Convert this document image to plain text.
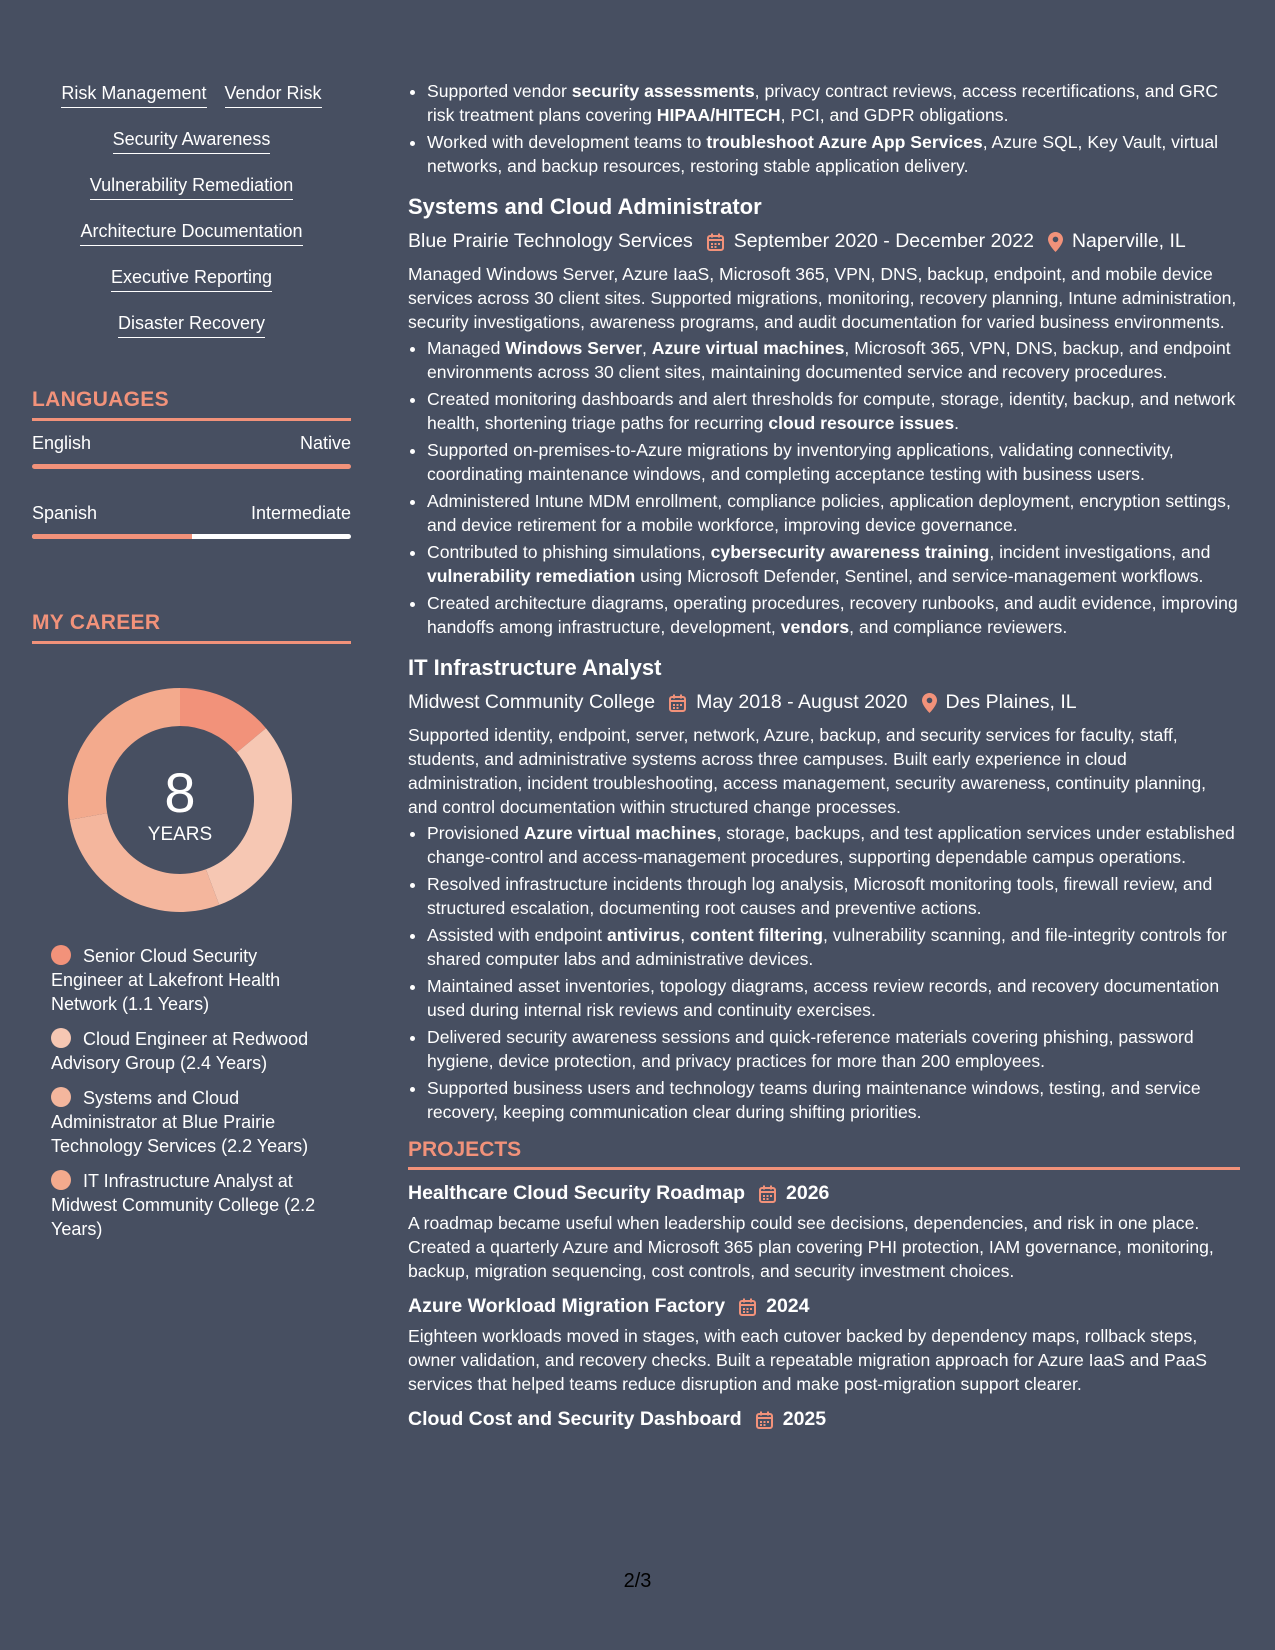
Risk Management Vendor Risk
Security Awareness
Vulnerability Remediation
Architecture Documentation
Executive Reporting
Disaster Recovery
LANGUAGES
English	Native
Spanish	Intermediate
MY CAREER
8
YEARS
Senior Cloud Security Engineer at Lakefront Health Network (1.1 Years)
Cloud Engineer at Redwood Advisory Group (2.4 Years)
Systems and Cloud Administrator at Blue Prairie Technology Services (2.2 Years)
IT Infrastructure Analyst at Midwest Community College (2.2 Years)
• Supported vendor security assessments, privacy contract reviews, access recertifications, and GRC risk treatment plans covering HIPAA/HITECH, PCI, and GDPR obligations.
• Worked with development teams to troubleshoot Azure App Services, Azure SQL, Key Vault, virtual networks, and backup resources, restoring stable application delivery.
Systems and Cloud Administrator
Blue Prairie Technology Services	September 2020 - December 2022	Naperville, IL

Managed Windows Server, Azure IaaS, Microsoft 365, VPN, DNS, backup, endpoint, and mobile device services across 30 client sites. Supported migrations, monitoring, recovery planning, Intune administration, security investigations, awareness programs, and audit documentation for varied business environments.

• Managed Windows Server, Azure virtual machines, Microsoft 365, VPN, DNS, backup, and endpoint environments across 30 client sites, maintaining documented service and recovery procedures.
• Created monitoring dashboards and alert thresholds for compute, storage, identity, backup, and network health, shortening triage paths for recurring cloud resource issues.
• Supported on-premises-to-Azure migrations by inventorying applications, validating connectivity, coordinating maintenance windows, and completing acceptance testing with business users.
• Administered Intune MDM enrollment, compliance policies, application deployment, encryption settings, and device retirement for a mobile workforce, improving device governance.
• Contributed to phishing simulations, cybersecurity awareness training, incident investigations, and vulnerability remediation using Microsoft Defender, Sentinel, and service-management workflows.
• Created architecture diagrams, operating procedures, recovery runbooks, and audit evidence, improving handoffs among infrastructure, development, vendors, and compliance reviewers.
IT Infrastructure Analyst
Midwest Community College	May 2018 - August 2020	Des Plaines, IL

Supported identity, endpoint, server, network, Azure, backup, and security services for faculty, staff, students, and administrative systems across three campuses. Built early experience in cloud administration, incident troubleshooting, access management, security awareness, continuity planning, and control documentation within structured change processes.

• Provisioned Azure virtual machines, storage, backups, and test application services under established change-control and access-management procedures, supporting dependable campus operations.
• Resolved infrastructure incidents through log analysis, Microsoft monitoring tools, firewall review, and structured escalation, documenting root causes and preventive actions.
• Assisted with endpoint antivirus, content filtering, vulnerability scanning, and file-integrity controls for shared computer labs and administrative devices.
• Maintained asset inventories, topology diagrams, access review records, and recovery documentation used during internal risk reviews and continuity exercises.
• Delivered security awareness sessions and quick-reference materials covering phishing, password hygiene, device protection, and privacy practices for more than 200 employees.
• Supported business users and technology teams during maintenance windows, testing, and service recovery, keeping communication clear during shifting priorities.
PROJECTS
Healthcare Cloud Security Roadmap	2026

A roadmap became useful when leadership could see decisions, dependencies, and risk in one place. Created a quarterly Azure and Microsoft 365 plan covering PHI protection, IAM governance, monitoring, backup, migration sequencing, cost controls, and security investment choices.

Azure Workload Migration Factory	2024

Eighteen workloads moved in stages, with each cutover backed by dependency maps, rollback steps, owner validation, and recovery checks. Built a repeatable migration approach for Azure IaaS and PaaS services that helped teams reduce disruption and make post-migration support clearer.

Cloud Cost and Security Dashboard	2025
2/3
